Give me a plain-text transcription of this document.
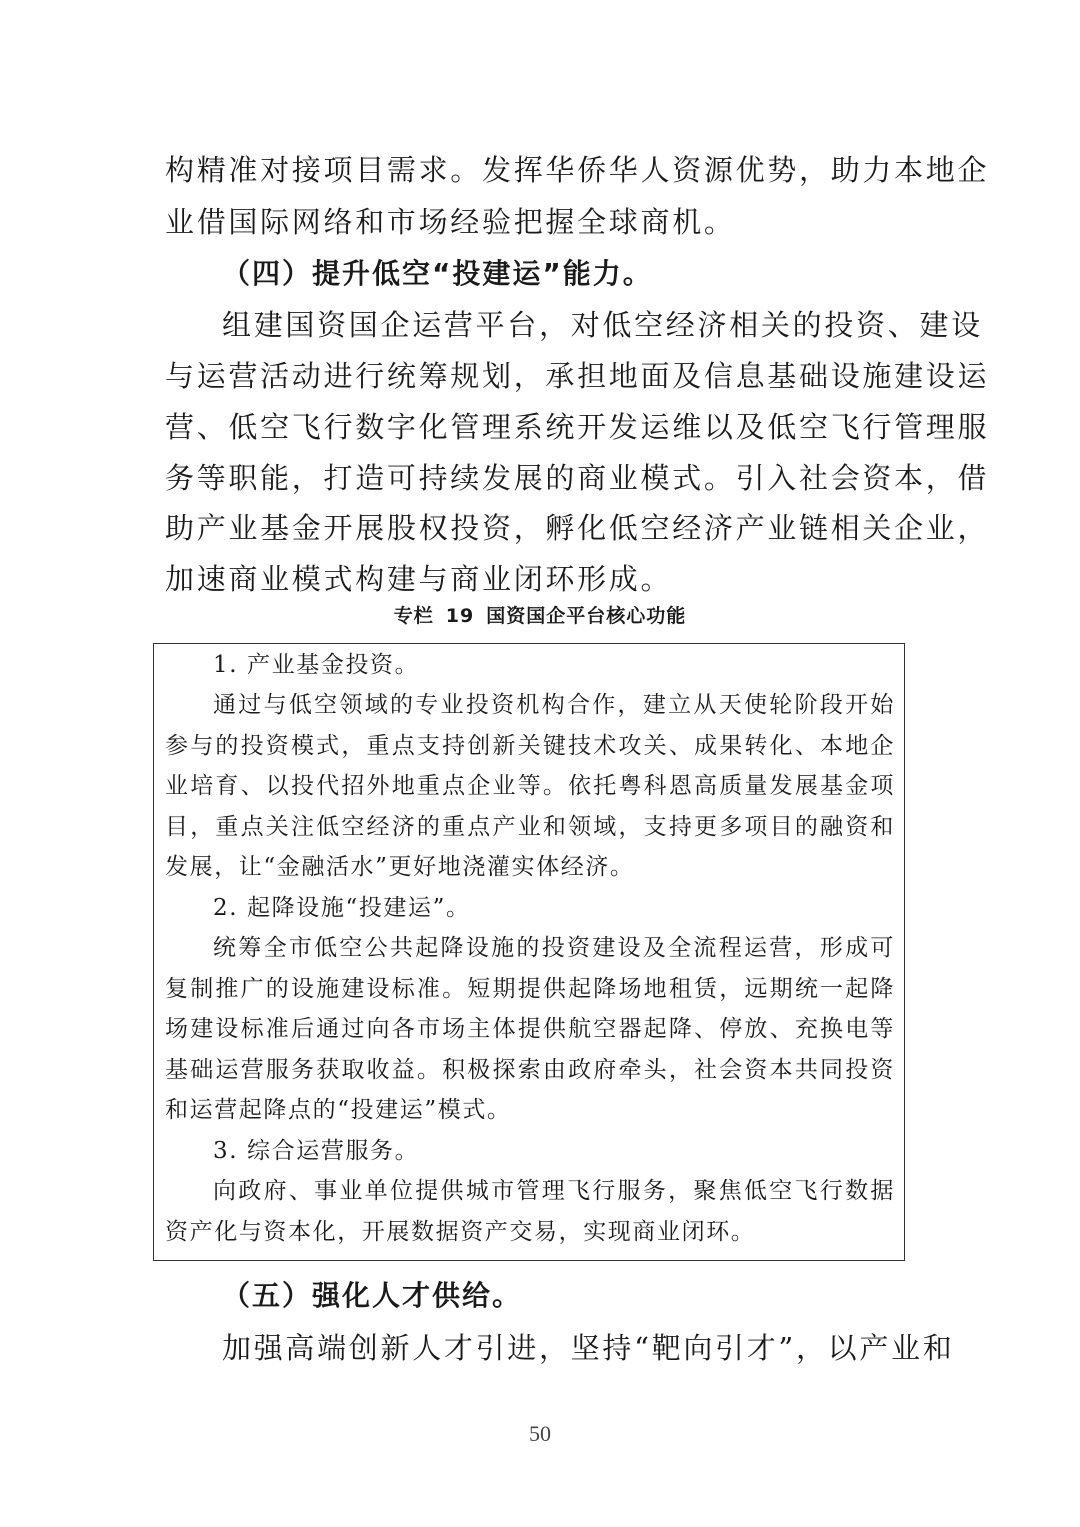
构精准对接项目需求。发挥华侨华人资源优势，助力本地企
业借国际网络和市场经验把握全球商机。
（四）提升低空“投建运”能力。
组建国资国企运营平台，对低空经济相关的投资、建设
与运营活动进行统筹规划，承担地面及信息基础设施建设运
营、低空飞行数字化管理系统开发运维以及低空飞行管理服
务等职能，打造可持续发展的商业模式。引入社会资本，借
助产业基金开展股权投资，孵化低空经济产业链相关企业，
加速商业模式构建与商业闭环形成。
专栏 19 国资国企平台核心功能
1. 产业基金投资。
通过与低空领域的专业投资机构合作，建立从天使轮阶段开始
参与的投资模式，重点支持创新关键技术攻关、成果转化、本地企
业培育、以投代招外地重点企业等。依托粤科恩高质量发展基金项
目，重点关注低空经济的重点产业和领域，支持更多项目的融资和
发展，让“金融活水”更好地浇灌实体经济。
2. 起降设施“投建运”。
统筹全市低空公共起降设施的投资建设及全流程运营，形成可
复制推广的设施建设标准。短期提供起降场地租赁，远期统一起降
场建设标准后通过向各市场主体提供航空器起降、停放、充换电等
基础运营服务获取收益。积极探索由政府牵头，社会资本共同投资
和运营起降点的“投建运”模式。
3. 综合运营服务。
向政府、事业单位提供城市管理飞行服务，聚焦低空飞行数据
资产化与资本化，开展数据资产交易，实现商业闭环。
（五）强化人才供给。
加强高端创新人才引进，坚持“靶向引才”，以产业和
50
